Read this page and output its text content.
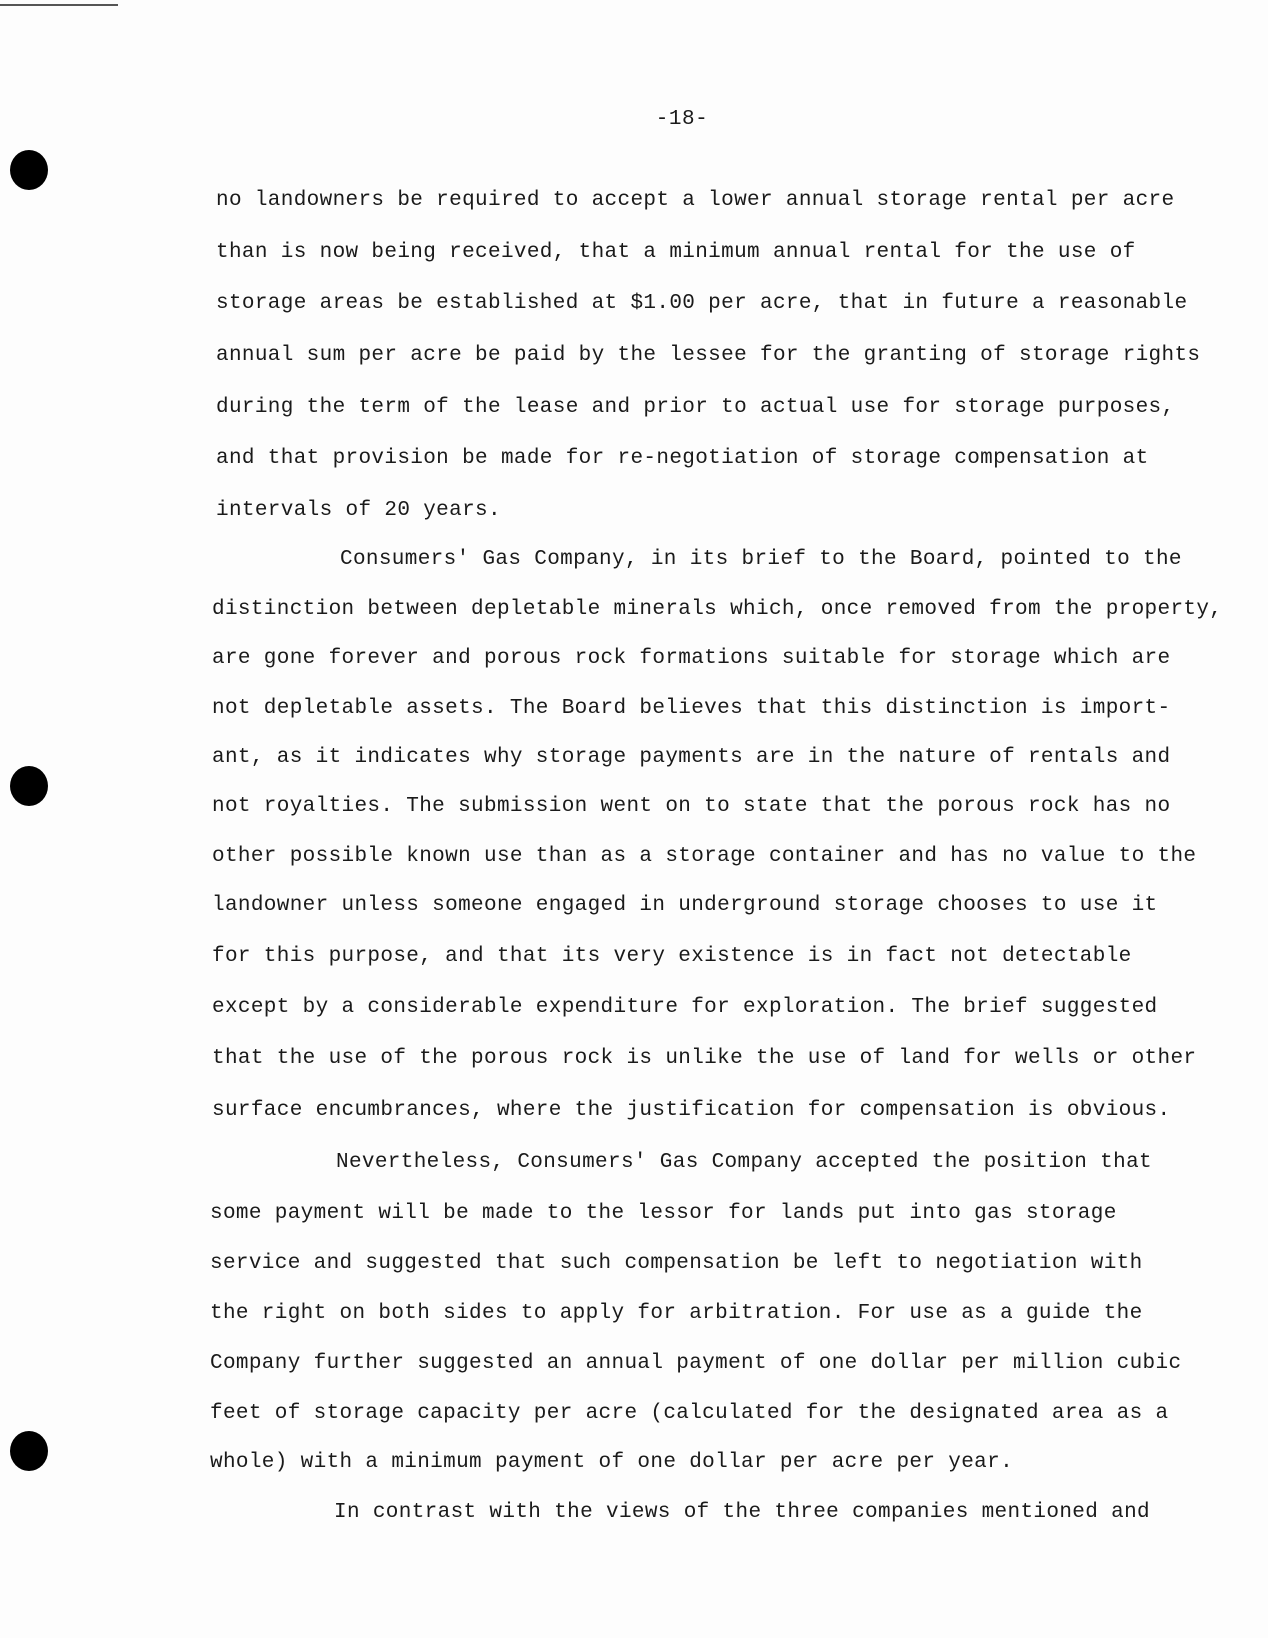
-18-
no landowners be required to accept a lower annual storage rental per acre
than is now being received, that a minimum annual rental for the use of
storage areas be established at $1.00 per acre, that in future a reasonable
annual sum per acre be paid by the lessee for the granting of storage rights
during the term of the lease and prior to actual use for storage purposes,
and that provision be made for re-negotiation of storage compensation at
intervals of 20 years.
Consumers' Gas Company, in its brief to the Board, pointed to the
distinction between depletable minerals which, once removed from the property,
are gone forever and porous rock formations suitable for storage which are
not depletable assets. The Board believes that this distinction is import-
ant, as it indicates why storage payments are in the nature of rentals and
not royalties. The submission went on to state that the porous rock has no
other possible known use than as a storage container and has no value to the
landowner unless someone engaged in underground storage chooses to use it
for this purpose, and that its very existence is in fact not detectable
except by a considerable expenditure for exploration. The brief suggested
that the use of the porous rock is unlike the use of land for wells or other
surface encumbrances, where the justification for compensation is obvious.
Nevertheless, Consumers' Gas Company accepted the position that
some payment will be made to the lessor for lands put into gas storage
service and suggested that such compensation be left to negotiation with
the right on both sides to apply for arbitration. For use as a guide the
Company further suggested an annual payment of one dollar per million cubic
feet of storage capacity per acre (calculated for the designated area as a
whole) with a minimum payment of one dollar per acre per year.
In contrast with the views of the three companies mentioned and
